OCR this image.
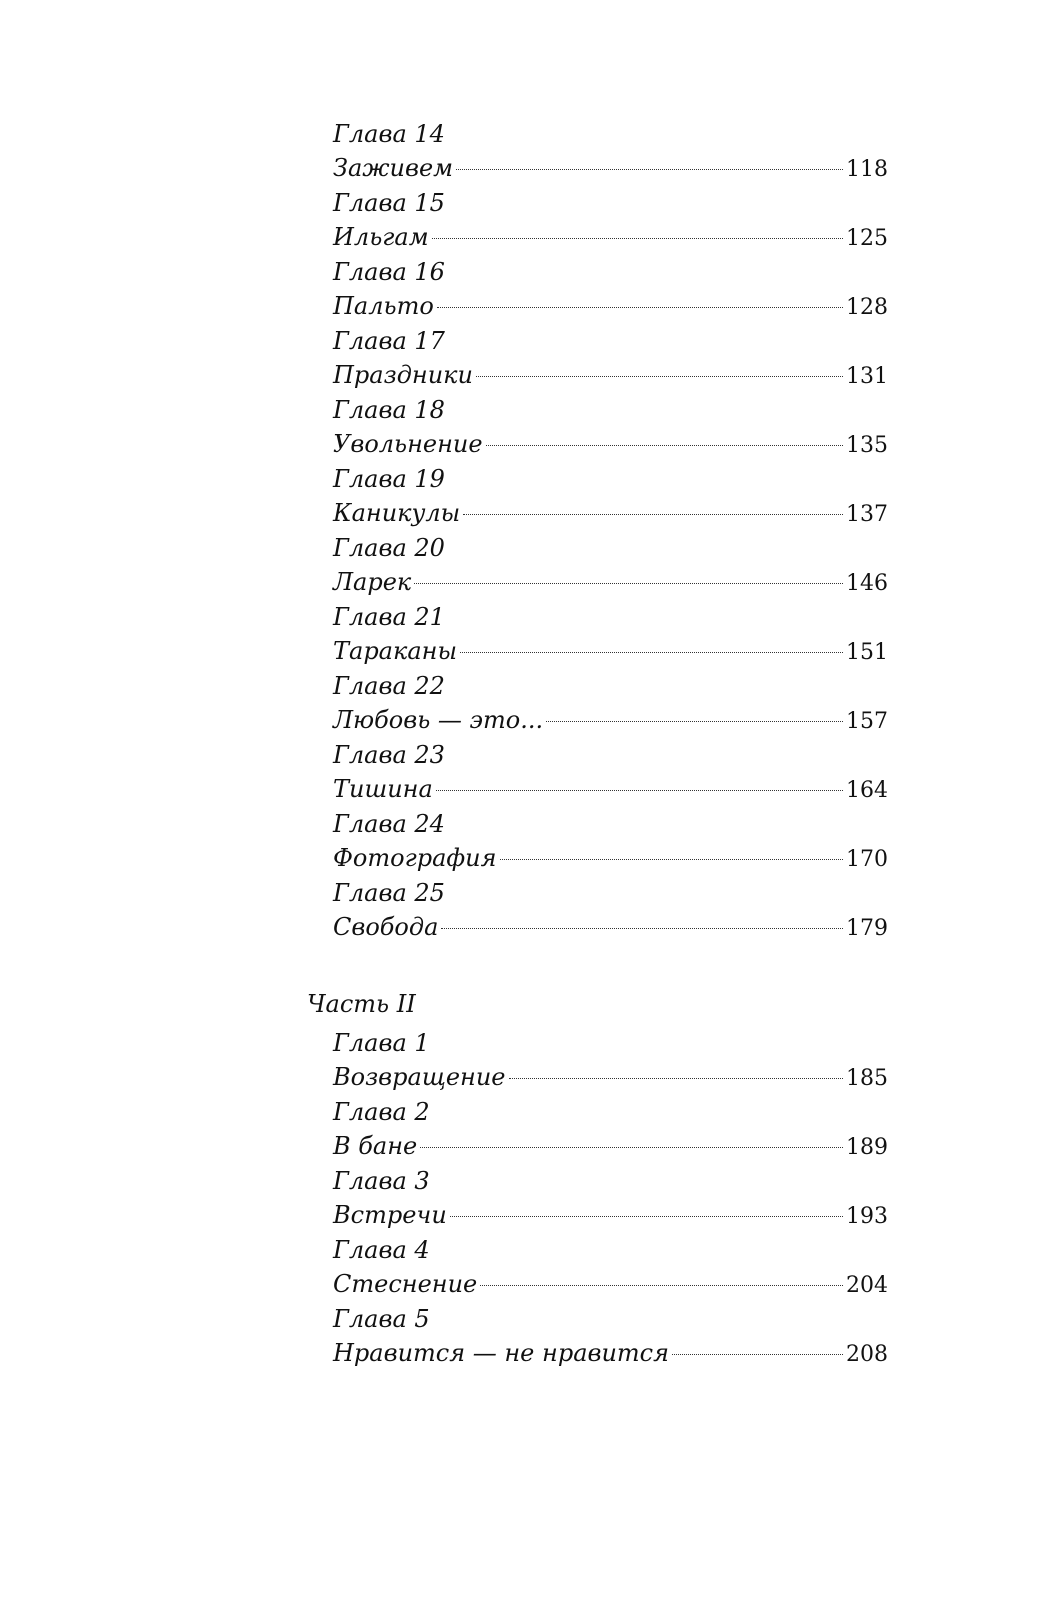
Глава 14
Заживем	118
Глава 15
Ильгам	125
Глава 16
Пальто	128
Глава 17
Праздники	131
Глава 18
Увольнение	135
Глава 19
Каникулы	137
Глава 20
Ларек	146
Глава 21
Тараканы	151
Глава 22
Любовь — это...	157
Глава 23
Тишина	164
Глава 24
Фотография	170
Глава 25
Свобода	179
Часть II
Глава 1
Возвращение	185
Глава 2
В бане	189
Глава 3
Встречи	193
Глава 4
Стеснение	204
Глава 5
Нравится — не нравится	208
